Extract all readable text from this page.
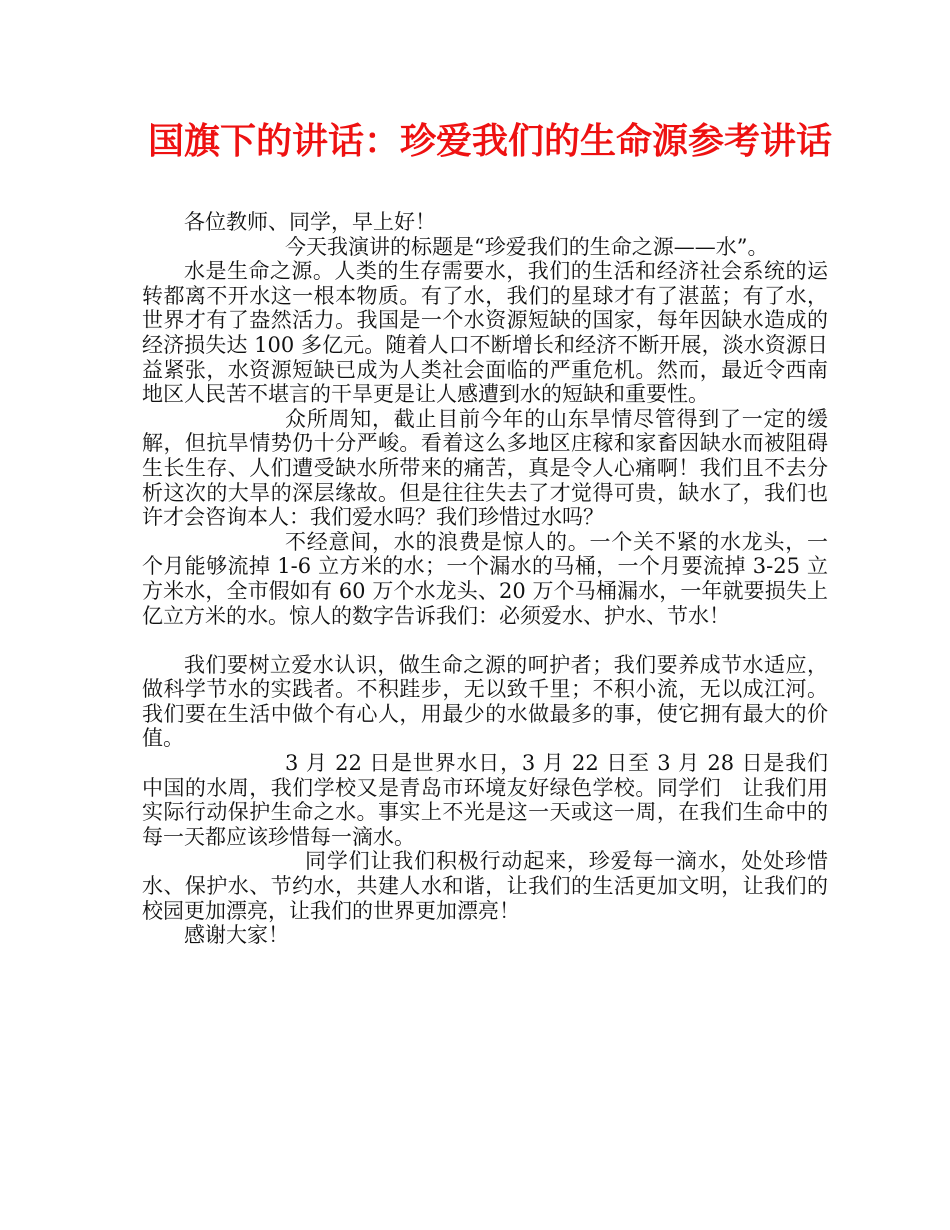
国旗下的讲话：珍爱我们的生命源参考讲话

各位教师、同学，早上好！

今天我演讲的标题是“珍爱我们的生命之源——水”。

水是生命之源。人类的生存需要水，我们的生活和经济社会系统的运转都离不开水这一根本物质。有了水，我们的星球才有了湛蓝；有了水，世界才有了盎然活力。我国是一个水资源短缺的国家，每年因缺水造成的经济损失达 100 多亿元。随着人口不断增长和经济不断开展，淡水资源日益紧张，水资源短缺已成为人类社会面临的严重危机。然而，最近令西南地区人民苦不堪言的干旱更是让人感遭到水的短缺和重要性。

众所周知，截止目前今年的山东旱情尽管得到了一定的缓解，但抗旱情势仍十分严峻。看着这么多地区庄稼和家畜因缺水而被阻碍生长生存、人们遭受缺水所带来的痛苦，真是令人心痛啊！我们且不去分析这次的大旱的深层缘故。但是往往失去了才觉得可贵，缺水了，我们也许才会咨询本人：我们爱水吗？我们珍惜过水吗？

不经意间，水的浪费是惊人的。一个关不紧的水龙头，一个月能够流掉 1-6 立方米的水；一个漏水的马桶，一个月要流掉 3-25 立方米水，全市假如有 60 万个水龙头、20 万个马桶漏水，一年就要损失上亿立方米的水。惊人的数字告诉我们：必须爱水、护水、节水！

我们要树立爱水认识，做生命之源的呵护者；我们要养成节水适应，做科学节水的实践者。不积跬步，无以致千里；不积小流，无以成江河。我们要在生活中做个有心人，用最少的水做最多的事，使它拥有最大的价值。

3 月 22 日是世界水日，3 月 22 日至 3 月 28 日是我们中国的水周，我们学校又是青岛市环境友好绿色学校。同学们　让我们用实际行动保护生命之水。事实上不光是这一天或这一周，在我们生命中的每一天都应该珍惜每一滴水。

同学们让我们积极行动起来，珍爱每一滴水，处处珍惜水、保护水、节约水，共建人水和谐，让我们的生活更加文明，让我们的校园更加漂亮，让我们的世界更加漂亮！

感谢大家！
